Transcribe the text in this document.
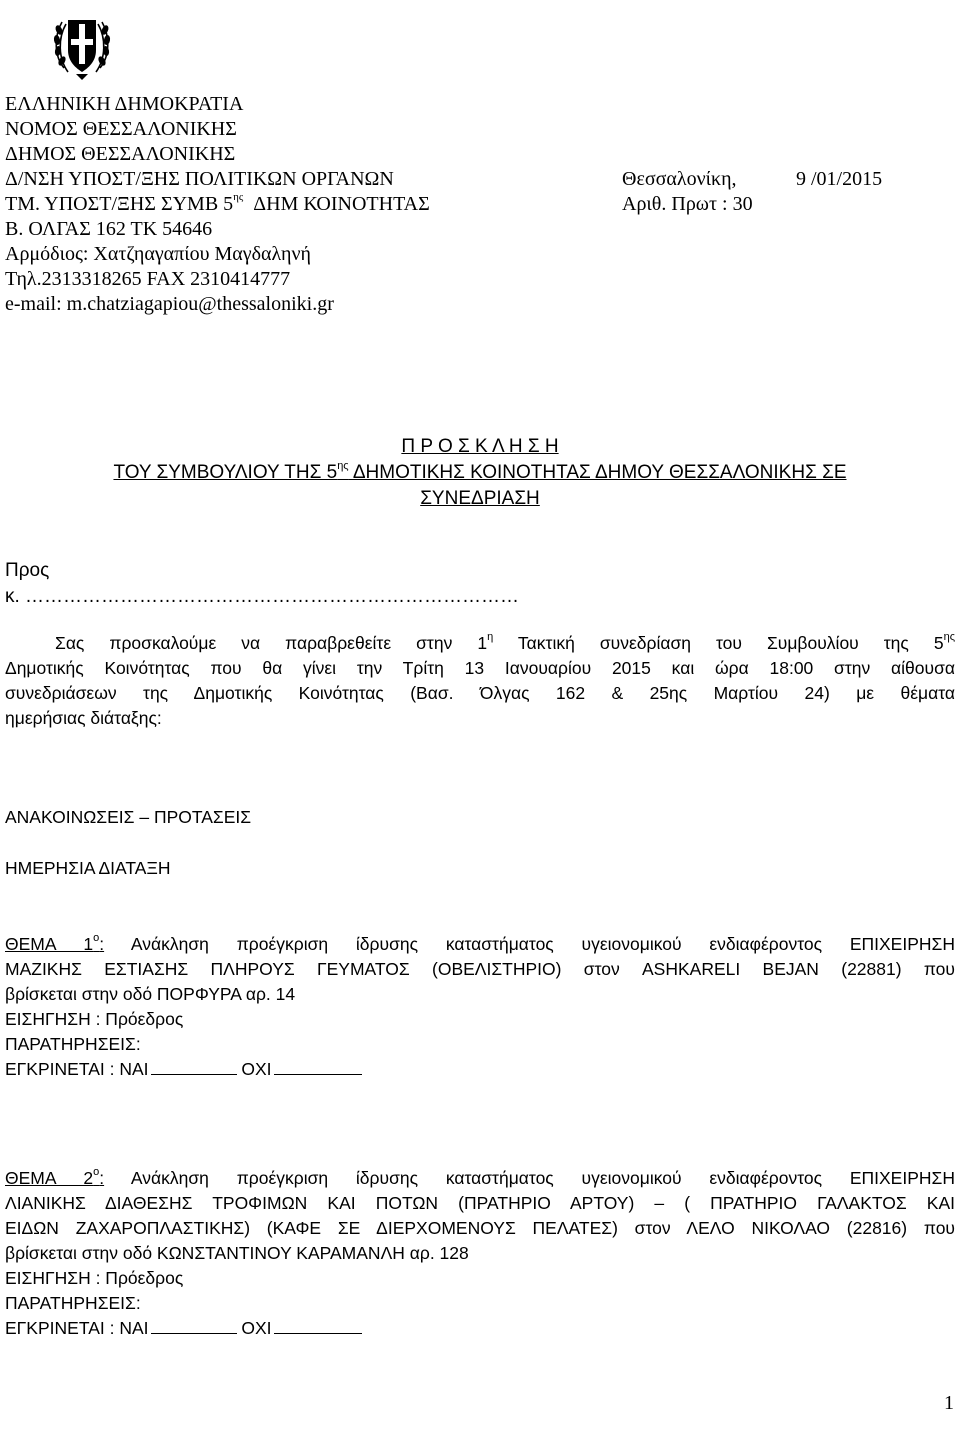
ΕΛΛΗΝΙΚΗ ΔΗΜΟΚΡΑΤΙΑ
ΝΟΜΟΣ ΘΕΣΣΑΛΟΝΙΚΗΣ
ΔΗΜΟΣ ΘΕΣΣΑΛΟΝΙΚΗΣ
Δ/ΝΣΗ ΥΠΟΣΤ/ΞΗΣ ΠΟΛΙΤΙΚΩΝ ΟΡΓΑΝΩΝ
ΤΜ. ΥΠΟΣΤ/ΞΗΣ ΣΥΜΒ $5^{\eta\varsigma}$ ΔΗΜ ΚΟΙΝΟΤΗΤΑΣ
Β. ΟΛΓΑΣ 162 ΤΚ 54646
Αρμόδιος: Χατζηαγαπίου Μαγδαληνή
Τηλ.2313318265 FAX 2310414777
e-mail: m.chatziagapiou@thessaloniki.gr
Θεσσαλονίκη,	9 /01/2015
Αριθ. Πρωτ : 30
Π Ρ Ο Σ Κ Λ Η Σ Η
ΤΟΥ ΣΥΜΒΟΥΛΙΟΥ ΤΗΣ $5^{\eta\varsigma}$ ΔΗΜΟΤΙΚΗΣ ΚΟΙΝΟΤΗΤΑΣ ΔΗΜΟΥ ΘΕΣΣΑΛΟΝΙΚΗΣ ΣΕ
ΣΥΝΕΔΡΙΑΣΗ
Προς
κ. ……………………………………………………………………
Σας προσκαλούμε να παραβρεθείτε στην $1^\eta$ Τακτική συνεδρίαση του Συμβουλίου της $5^{\eta\varsigma}$
Δημοτικής Κοινότητας που θα γίνει την Τρίτη 13 Ιανουαρίου 2015 και ώρα 18:00 στην αίθουσα
συνεδριάσεων της Δημοτικής Κοινότητας (Βασ. Όλγας 162 & 25ης Μαρτίου 24) με θέματα
ημερήσιας διάταξης:
ΑΝΑΚΟΙΝΩΣΕΙΣ – ΠΡΟΤΑΣΕΙΣ
ΗΜΕΡΗΣΙΑ ΔΙΑΤΑΞΗ
ΘΕΜΑ $1^o$: Ανάκληση προέγκριση ίδρυσης καταστήματος υγειονομικού ενδιαφέροντος ΕΠΙΧΕΙΡΗΣΗ
ΜΑΖΙΚΗΣ ΕΣΤΙΑΣΗΣ ΠΛΗΡΟΥΣ ΓΕΥΜΑΤΟΣ (ΟΒΕΛΙΣΤΗΡΙΟ) στον ASHKARELI BEJAN (22881) που
βρίσκεται στην οδό ΠΟΡΦΥΡΑ αρ. 14
ΕΙΣΗΓΗΣΗ : Πρόεδρος
ΠΑΡΑΤΗΡΗΣΕΙΣ:
ΕΓΚΡΙΝΕΤΑΙ : ΝΑΙ	ΟΧΙ
ΘΕΜΑ $2^o$: Ανάκληση προέγκριση ίδρυσης καταστήματος υγειονομικού ενδιαφέροντος ΕΠΙΧΕΙΡΗΣΗ
ΛΙΑΝΙΚΗΣ ΔΙΑΘΕΣΗΣ ΤΡΟΦΙΜΩΝ ΚΑΙ ΠΟΤΩΝ (ΠΡΑΤΗΡΙΟ ΑΡΤΟΥ) – ( ΠΡΑΤΗΡΙΟ ΓΑΛΑΚΤΟΣ ΚΑΙ
ΕΙΔΩΝ ΖΑΧΑΡΟΠΛΑΣΤΙΚΗΣ) (ΚΑΦΕ ΣΕ ΔΙΕΡΧΟΜΕΝΟΥΣ ΠΕΛΑΤΕΣ) στον ΛΕΛΟ ΝΙΚΟΛΑΟ (22816) που
βρίσκεται στην οδό ΚΩΝΣΤΑΝΤΙΝΟΥ ΚΑΡΑΜΑΝΛΗ αρ. 128
ΕΙΣΗΓΗΣΗ : Πρόεδρος
ΠΑΡΑΤΗΡΗΣΕΙΣ:
ΕΓΚΡΙΝΕΤΑΙ : ΝΑΙ	ΟΧΙ
1
